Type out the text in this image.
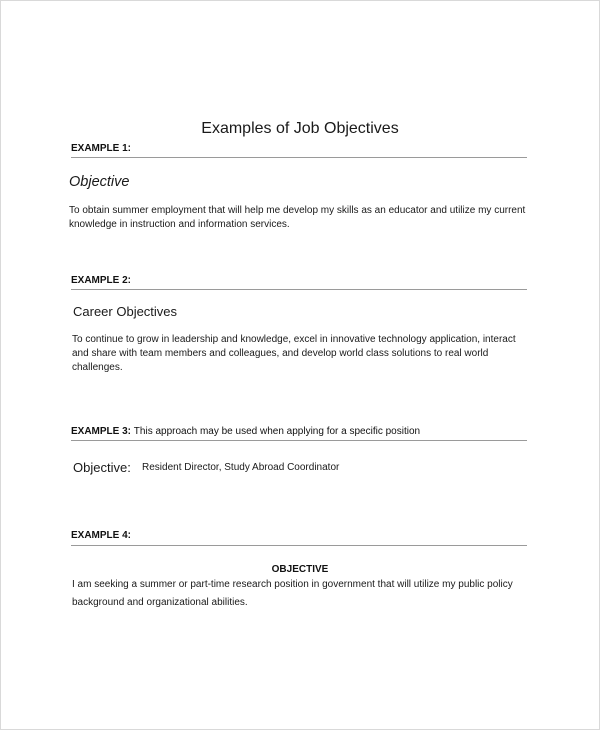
Examples of Job Objectives
EXAMPLE 1:
Objective
To obtain summer employment that will help me develop my skills as an educator and utilize my current
knowledge in instruction and information services.
EXAMPLE 2:
Career Objectives
To continue to grow in leadership and knowledge, excel in innovative technology application, interact
and share with team members and colleagues, and develop world class solutions to real world
challenges.
EXAMPLE 3: This approach may be used when applying for a specific position
Objective: Resident Director, Study Abroad Coordinator
EXAMPLE 4:
OBJECTIVE
I am seeking a summer or part-time research position in government that will utilize my public policy
background and organizational abilities.
